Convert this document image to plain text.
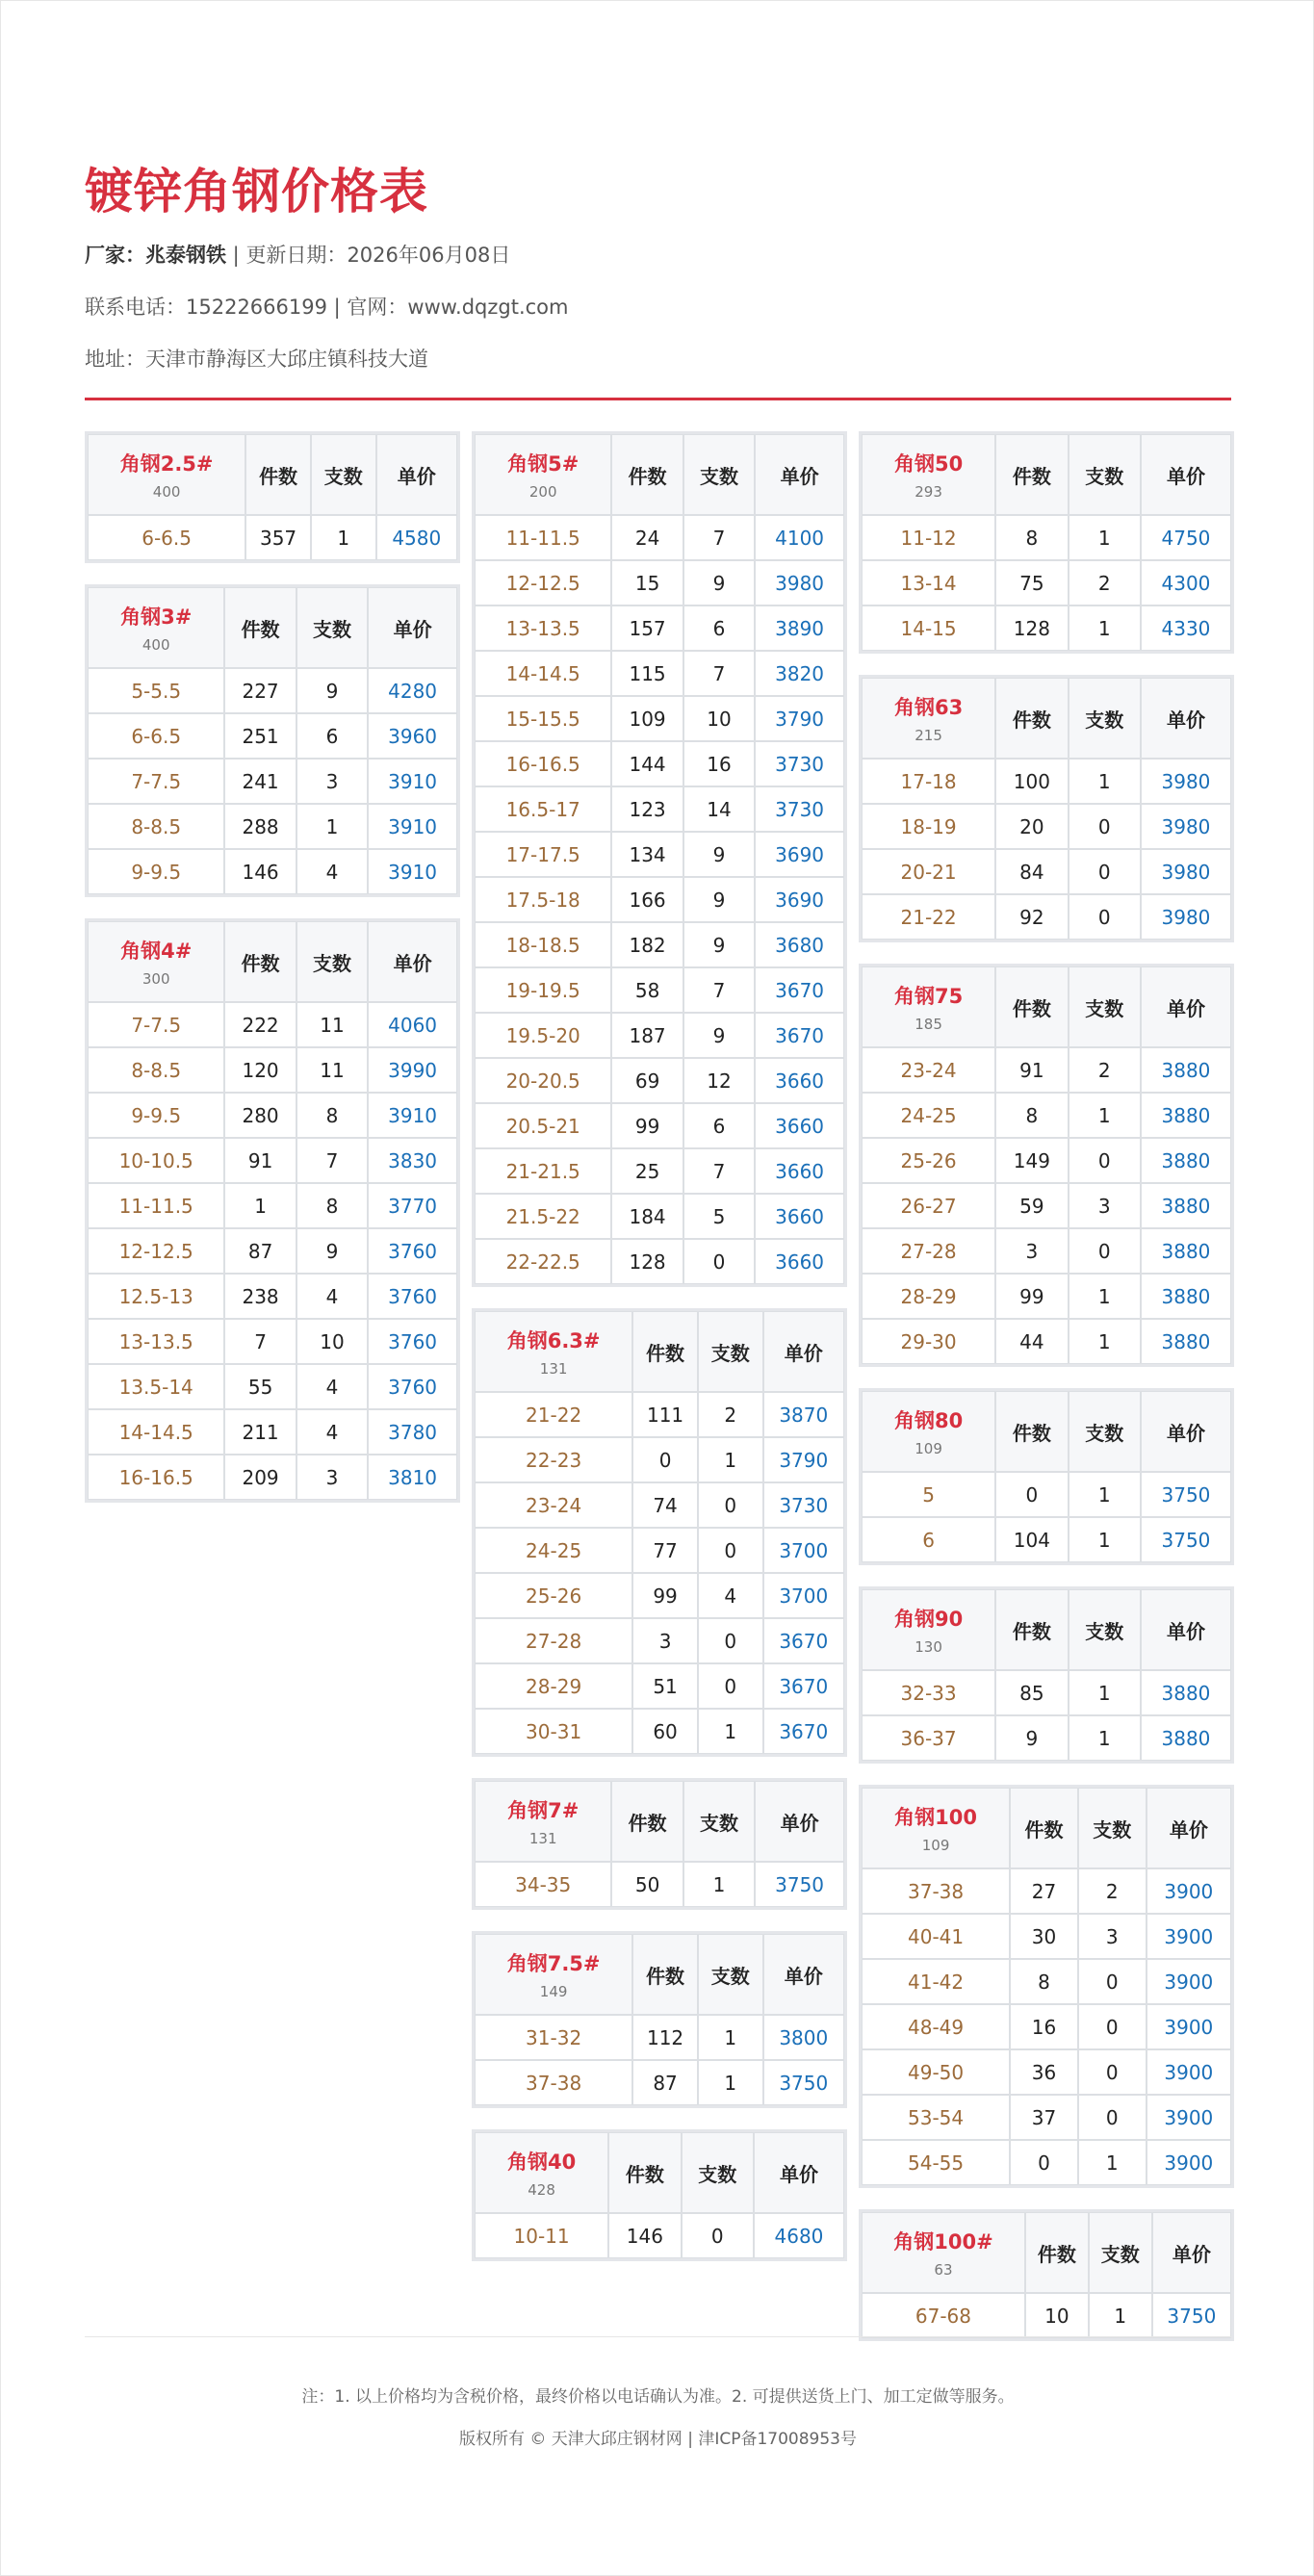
镀锌角钢价格表
厂家：兆泰钢铁 | 更新日期：2026年06月08日
联系电话：15222666199 | 官网：www.dqzgt.com
地址：天津市静海区大邱庄镇科技大道
角钢2.5#
400	件数	支数	单价
6-6.5	357	1	4580
角钢3#
400	件数	支数	单价
5-5.5	227	9	4280
6-6.5	251	6	3960
7-7.5	241	3	3910
8-8.5	288	1	3910
9-9.5	146	4	3910
角钢4#
300	件数	支数	单价
7-7.5	222	11	4060
8-8.5	120	11	3990
9-9.5	280	8	3910
10-10.5	91	7	3830
11-11.5	1	8	3770
12-12.5	87	9	3760
12.5-13	238	4	3760
13-13.5	7	10	3760
13.5-14	55	4	3760
14-14.5	211	4	3780
16-16.5	209	3	3810
角钢5#
200	件数	支数	单价
11-11.5	24	7	4100
12-12.5	15	9	3980
13-13.5	157	6	3890
14-14.5	115	7	3820
15-15.5	109	10	3790
16-16.5	144	16	3730
16.5-17	123	14	3730
17-17.5	134	9	3690
17.5-18	166	9	3690
18-18.5	182	9	3680
19-19.5	58	7	3670
19.5-20	187	9	3670
20-20.5	69	12	3660
20.5-21	99	6	3660
21-21.5	25	7	3660
21.5-22	184	5	3660
22-22.5	128	0	3660
角钢6.3#
131	件数	支数	单价
21-22	111	2	3870
22-23	0	1	3790
23-24	74	0	3730
24-25	77	0	3700
25-26	99	4	3700
27-28	3	0	3670
28-29	51	0	3670
30-31	60	1	3670
角钢7#
131	件数	支数	单价
34-35	50	1	3750
角钢7.5#
149	件数	支数	单价
31-32	112	1	3800
37-38	87	1	3750
角钢40
428	件数	支数	单价
10-11	146	0	4680
角钢50
293	件数	支数	单价
11-12	8	1	4750
13-14	75	2	4300
14-15	128	1	4330
角钢63
215	件数	支数	单价
17-18	100	1	3980
18-19	20	0	3980
20-21	84	0	3980
21-22	92	0	3980
角钢75
185	件数	支数	单价
23-24	91	2	3880
24-25	8	1	3880
25-26	149	0	3880
26-27	59	3	3880
27-28	3	0	3880
28-29	99	1	3880
29-30	44	1	3880
角钢80
109	件数	支数	单价
5	0	1	3750
6	104	1	3750
角钢90
130	件数	支数	单价
32-33	85	1	3880
36-37	9	1	3880
角钢100
109	件数	支数	单价
37-38	27	2	3900
40-41	30	3	3900
41-42	8	0	3900
48-49	16	0	3900
49-50	36	0	3900
53-54	37	0	3900
54-55	0	1	3900
角钢100#
63	件数	支数	单价
67-68	10	1	3750
注：1. 以上价格均为含税价格，最终价格以电话确认为准。2. 可提供送货上门、加工定做等服务。
版权所有 © 天津大邱庄钢材网 | 津ICP备17008953号
